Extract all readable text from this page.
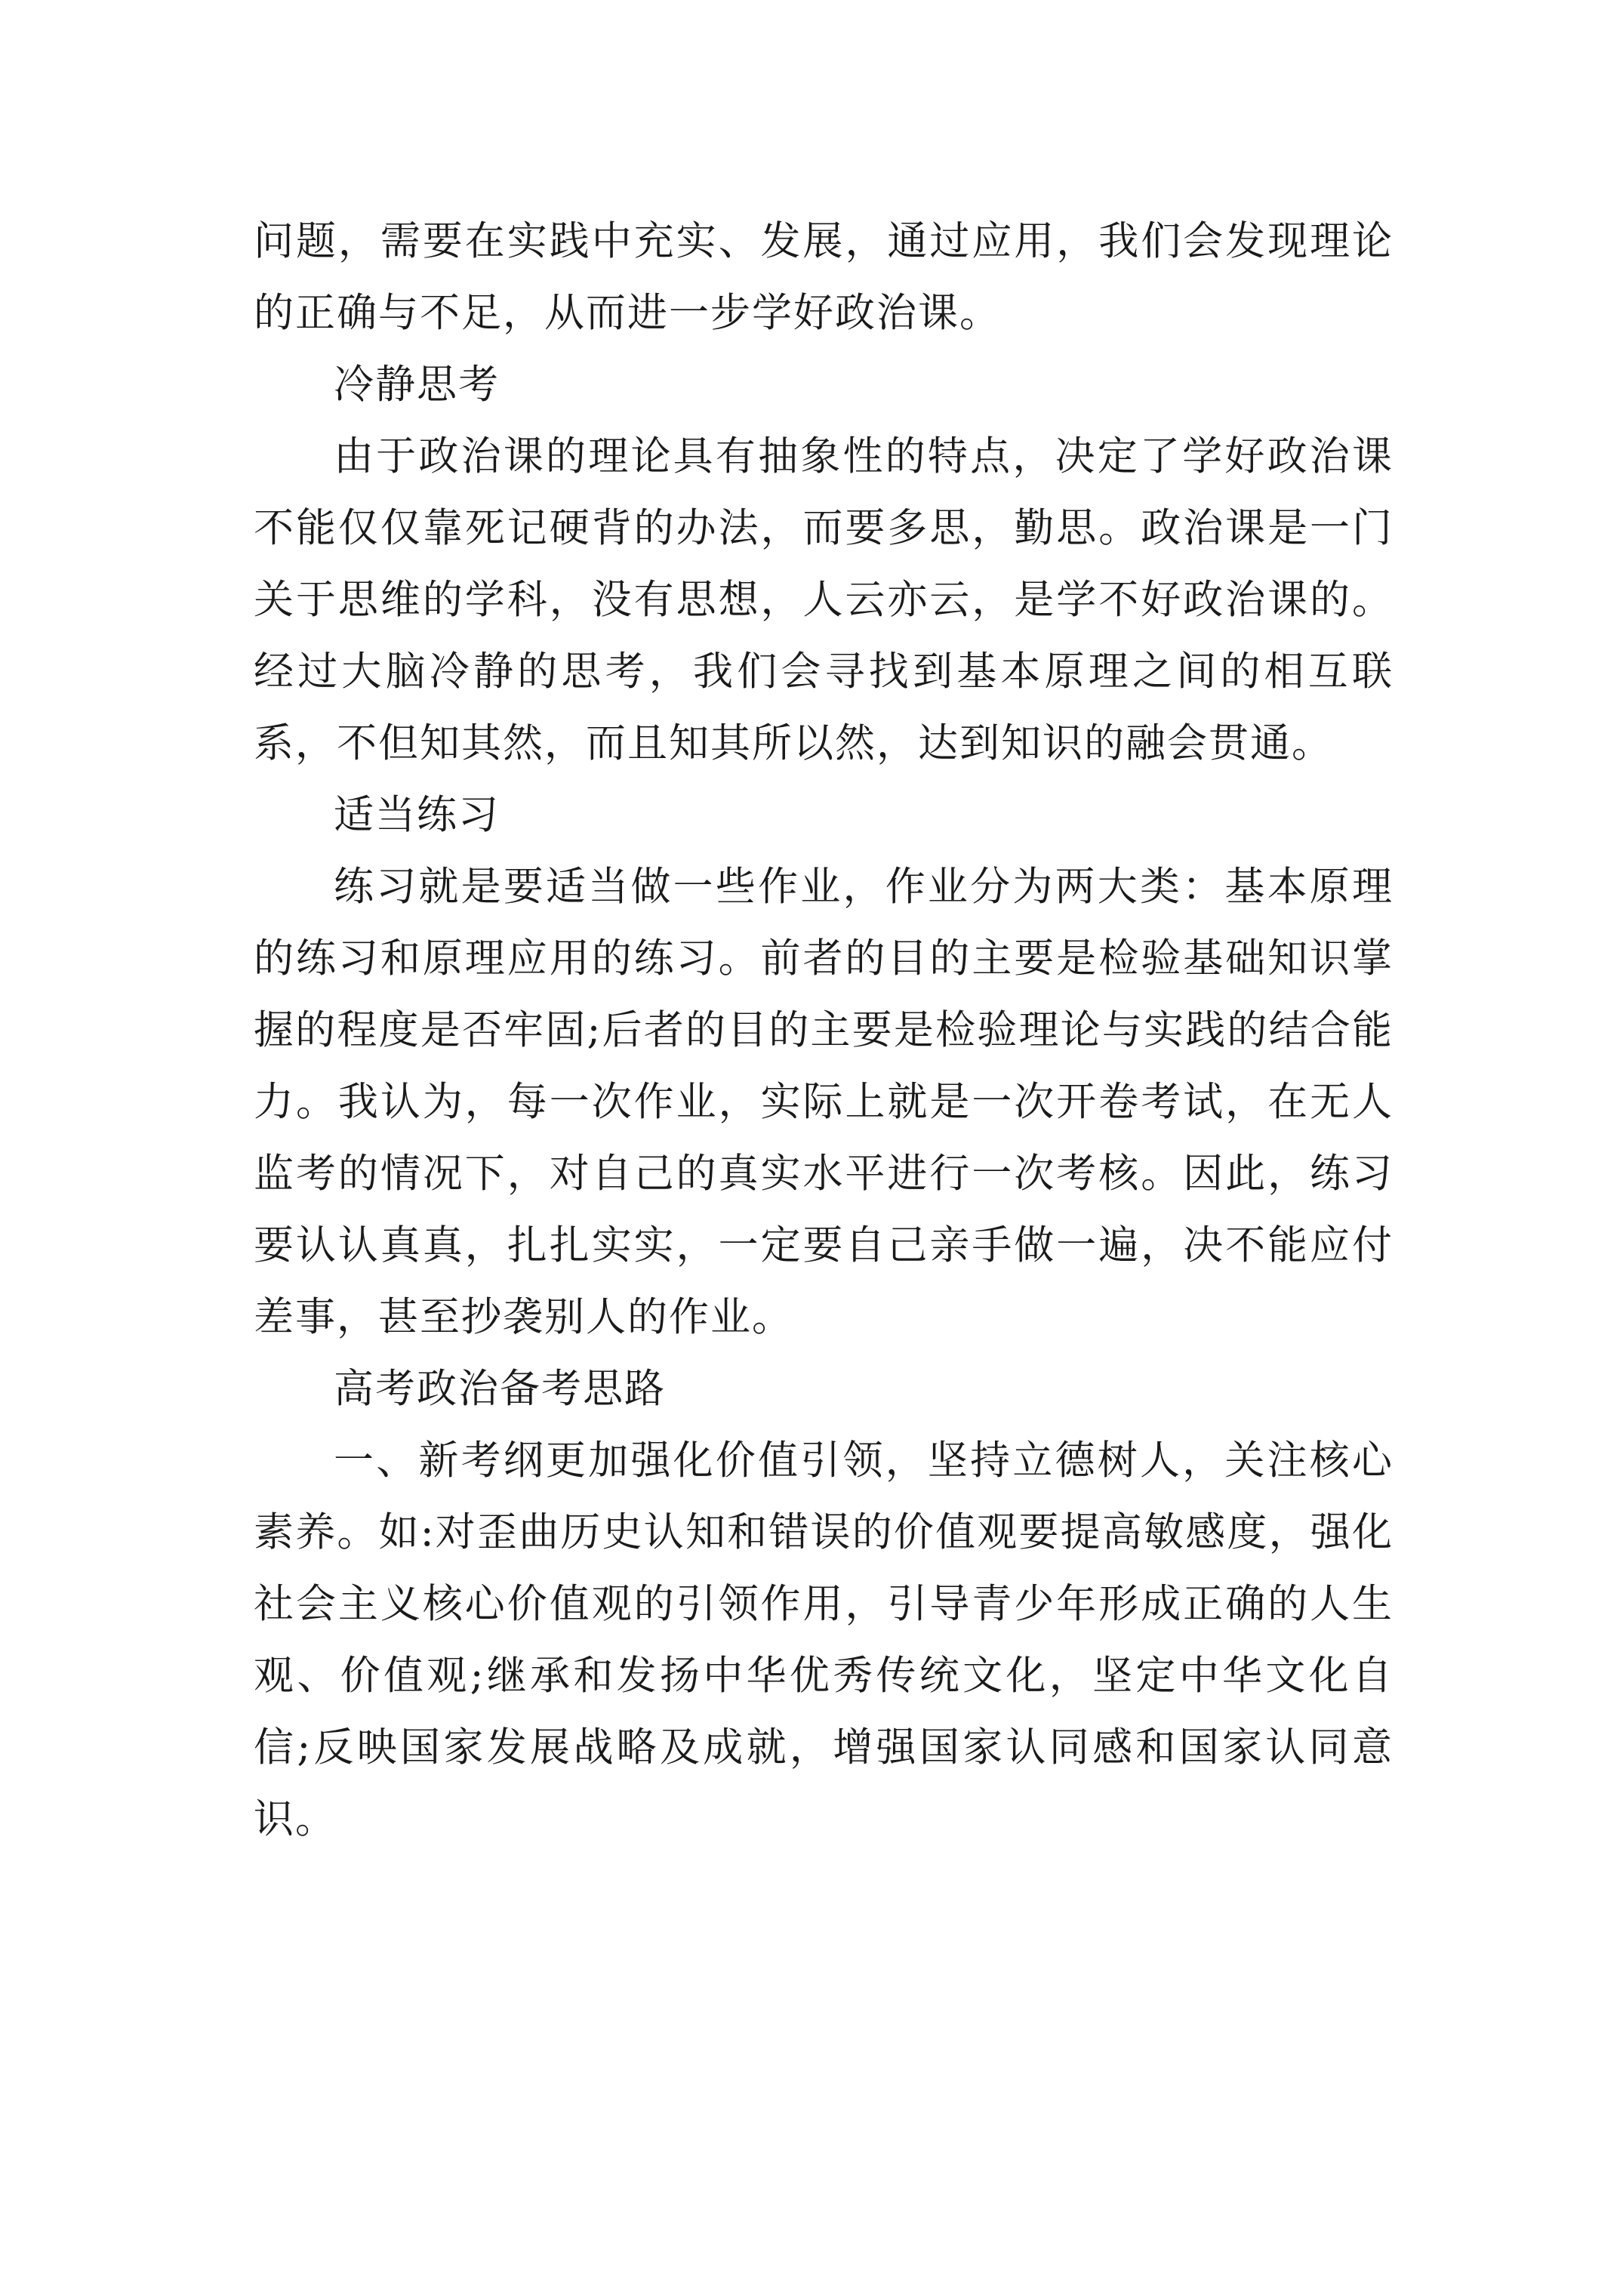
问题，需要在实践中充实、发展，通过应用，我们会发现理论的正确与不足，从而进一步学好政治课。

冷静思考

由于政治课的理论具有抽象性的特点，决定了学好政治课不能仅仅靠死记硬背的办法，而要多思，勤思。政治课是一门关于思维的学科，没有思想，人云亦云，是学不好政治课的。经过大脑冷静的思考，我们会寻找到基本原理之间的相互联系，不但知其然，而且知其所以然，达到知识的融会贯通。

适当练习

练习就是要适当做一些作业，作业分为两大类：基本原理的练习和原理应用的练习。前者的目的主要是检验基础知识掌握的程度是否牢固;后者的目的主要是检验理论与实践的结合能力。我认为，每一次作业，实际上就是一次开卷考试，在无人监考的情况下，对自己的真实水平进行一次考核。因此，练习要认认真真，扎扎实实，一定要自己亲手做一遍，决不能应付差事，甚至抄袭别人的作业。

高考政治备考思路

一、新考纲更加强化价值引领，坚持立德树人，关注核心素养。如:对歪曲历史认知和错误的价值观要提高敏感度，强化社会主义核心价值观的引领作用，引导青少年形成正确的人生观、价值观;继承和发扬中华优秀传统文化，坚定中华文化自信;反映国家发展战略及成就，增强国家认同感和国家认同意识。
